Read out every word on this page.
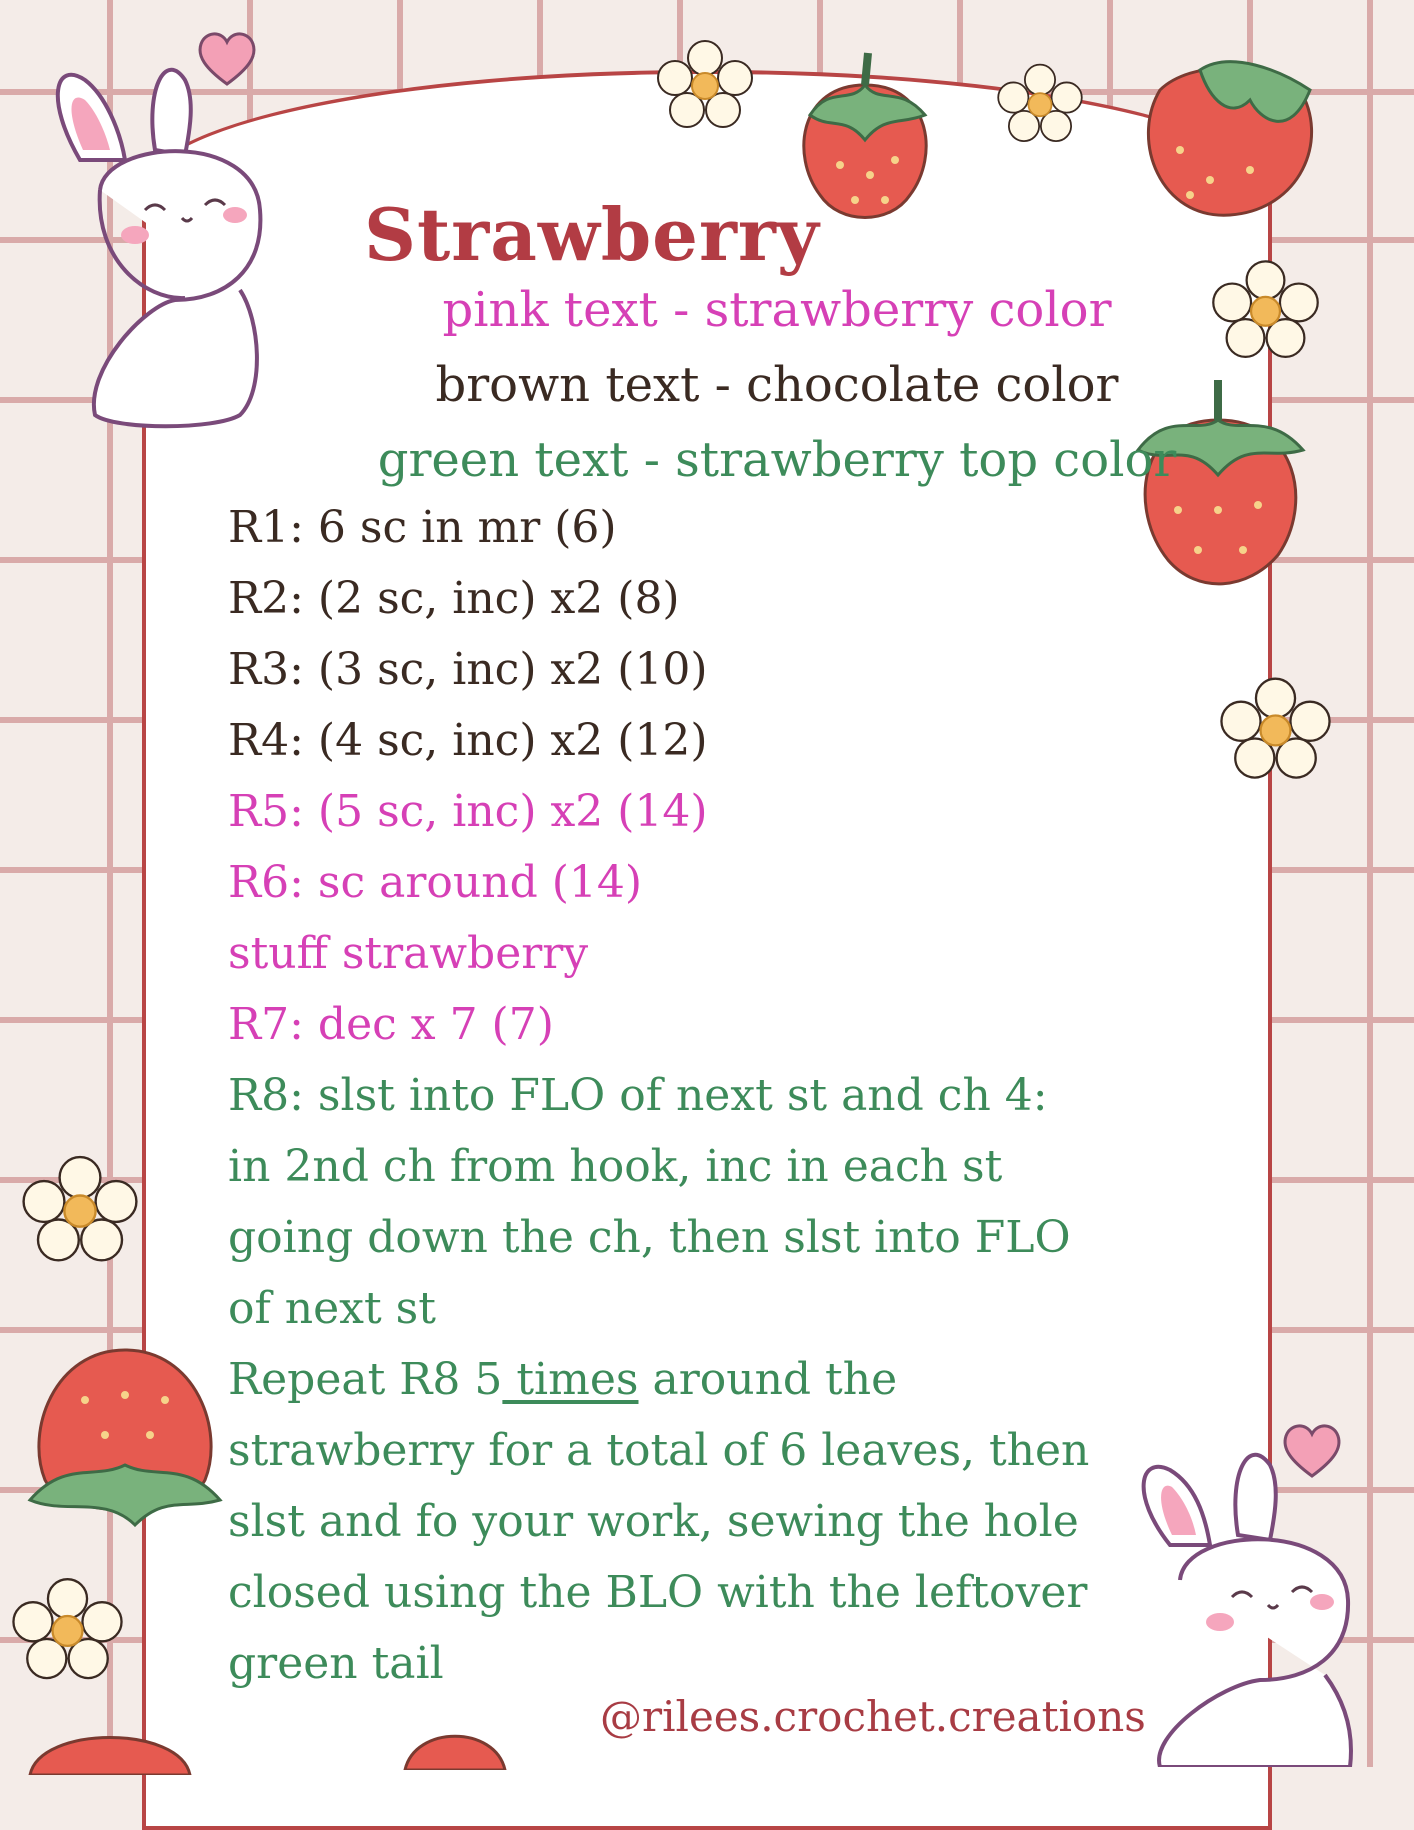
Strawberry
pink text - strawberry color
brown text - chocolate color
green text - strawberry top color
R1: 6 sc in mr (6)
R2: (2 sc, inc) x2 (8)
R3: (3 sc, inc) x2 (10)
R4: (4 sc, inc) x2 (12)
R5: (5 sc, inc) x2 (14)
R6: sc around (14)
stuff strawberry
R7: dec x 7 (7)
R8: slst into FLO of next st and ch 4:
in 2nd ch from hook, inc in each st
going down the ch, then slst into FLO
of next st
Repeat R8 5 times around the
strawberry for a total of 6 leaves, then
slst and fo your work, sewing the hole
closed using the BLO with the leftover
green tail
@rilees.crochet.creations
